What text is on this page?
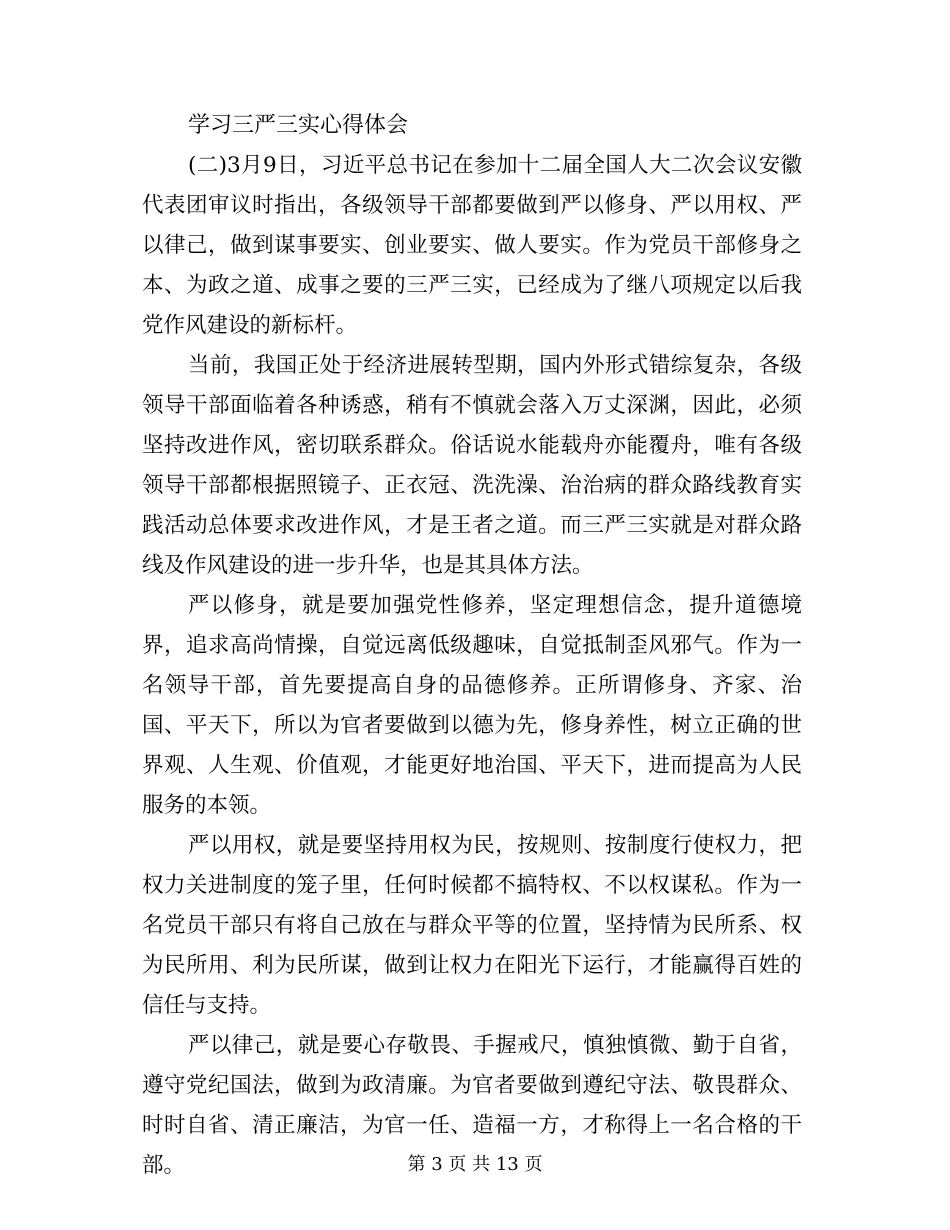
学习三严三实心得体会

(二)3月9日，习近平总书记在参加十二届全国人大二次会议安徽代表团审议时指出，各级领导干部都要做到严以修身、严以用权、严以律己，做到谋事要实、创业要实、做人要实。作为党员干部修身之本、为政之道、成事之要的三严三实，已经成为了继八项规定以后我党作风建设的新标杆。

当前，我国正处于经济进展转型期，国内外形式错综复杂，各级领导干部面临着各种诱惑，稍有不慎就会落入万丈深渊，因此，必须坚持改进作风，密切联系群众。俗话说水能载舟亦能覆舟，唯有各级领导干部都根据照镜子、正衣冠、洗洗澡、治治病的群众路线教育实践活动总体要求改进作风，才是王者之道。而三严三实就是对群众路线及作风建设的进一步升华，也是其具体方法。

严以修身，就是要加强党性修养，坚定理想信念，提升道德境界，追求高尚情操，自觉远离低级趣味，自觉抵制歪风邪气。作为一名领导干部，首先要提高自身的品德修养。正所谓修身、齐家、治国、平天下，所以为官者要做到以德为先，修身养性，树立正确的世界观、人生观、价值观，才能更好地治国、平天下，进而提高为人民服务的本领。

严以用权，就是要坚持用权为民，按规则、按制度行使权力，把权力关进制度的笼子里，任何时候都不搞特权、不以权谋私。作为一名党员干部只有将自己放在与群众平等的位置，坚持情为民所系、权为民所用、利为民所谋，做到让权力在阳光下运行，才能赢得百姓的信任与支持。

严以律己，就是要心存敬畏、手握戒尺，慎独慎微、勤于自省，遵守党纪国法，做到为政清廉。为官者要做到遵纪守法、敬畏群众、时时自省、清正廉洁，为官一任、造福一方，才称得上一名合格的干部。	第 3 页 共 13 页
